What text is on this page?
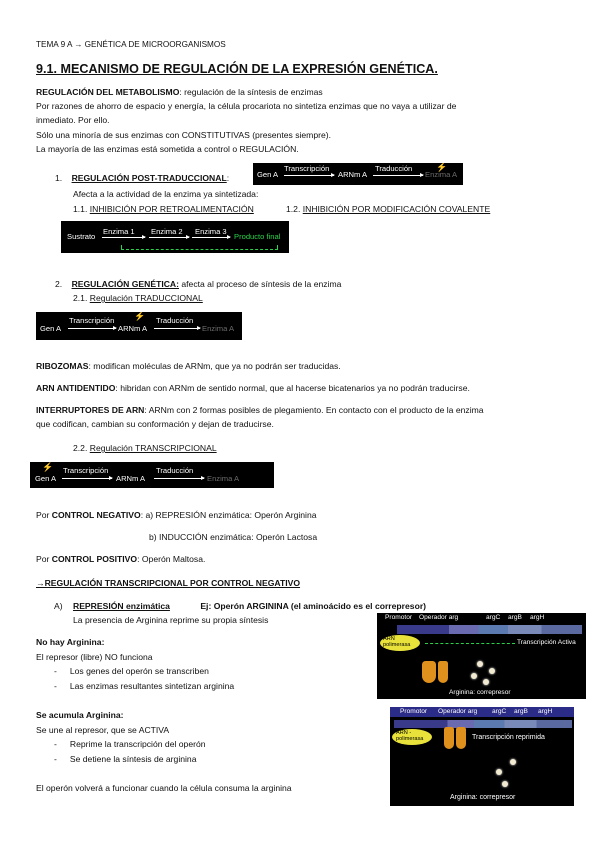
TEMA 9 A → GENÉTICA DE MICROORGANISMOS
9.1. MECANISMO DE REGULACIÓN DE LA EXPRESIÓN GENÉTICA.
REGULACIÓN DEL METABOLISMO: regulación de la síntesis de enzimas
Por razones de ahorro de espacio y energía, la célula procariota no sintetiza enzimas que no vaya a utilizar de
inmediato. Por ello.
Sólo una minoría de sus enzimas con CONSTITUTIVAS (presentes siempre).
La mayoría de las enzimas está sometida a control o REGULACIÓN.
1. REGULACIÓN POST-TRADUCCIONAL:	Gen A
Transcripción
ARNm A
Traducción
Enzima A
⚡
Afecta a la actividad de la enzima ya sintetizada:
1.1. INHIBICIÓN POR RETROALIMENTACIÓN	1.2. INHIBICIÓN POR MODIFICACIÓN COVALENTE
Sustrato
Enzima 1 Enzima 2 Enzima 3
Producto final
2. REGULACIÓN GENÉTICA: afecta al proceso de síntesis de la enzima
2.1. Regulación TRADUCCIONAL
Gen A
Transcripción
ARNm A
⚡ Traducción
Enzima A
RIBOZOMAS: modifican moléculas de ARNm, que ya no podrán ser traducidas.
ARN ANTIDENTIDO: hibridan con ARNm de sentido normal, que al hacerse bicatenarios ya no podrán traducirse.
INTERRUPTORES DE ARN: ARNm con 2 formas posibles de plegamiento. En contacto con el producto de la enzima
que codifican, cambian su conformación y dejan de traducirse.
2.2. Regulación TRANSCRIPCIONAL
⚡
Gen A
Transcripción
ARNm A
Traducción
Enzima A
Por CONTROL NEGATIVO: a) REPRESIÓN enzimática: Operón Arginina
b) INDUCCIÓN enzimática: Operón Lactosa
Por CONTROL POSITIVO: Operón Maltosa.
→REGULACIÓN TRANSCRIPCIONAL POR CONTROL NEGATIVO
A) REPRESIÓN enzimática	Ej: Operón ARGININA (el aminoácido es el correpresor)
La presencia de Arginina reprime su propia síntesis
No hay Arginina:
El represor (libre) NO funciona
- Los genes del operón se transcriben
- Las enzimas resultantes sintetizan arginina
Se acumula Arginina:
Se une al represor, que se ACTIVA
- Reprime la transcripción del operón
- Se detiene la síntesis de arginina
El operón volverá a funcionar cuando la célula consuma la arginina
Promotor Operador arg	argC argB argH
ARN polimerasa	Transcripción Activa
Arginina: correpresor
Promotor Operador arg argC argB argH
ARN - polimerasa	Transcripción reprimida
Arginina: correpresor
